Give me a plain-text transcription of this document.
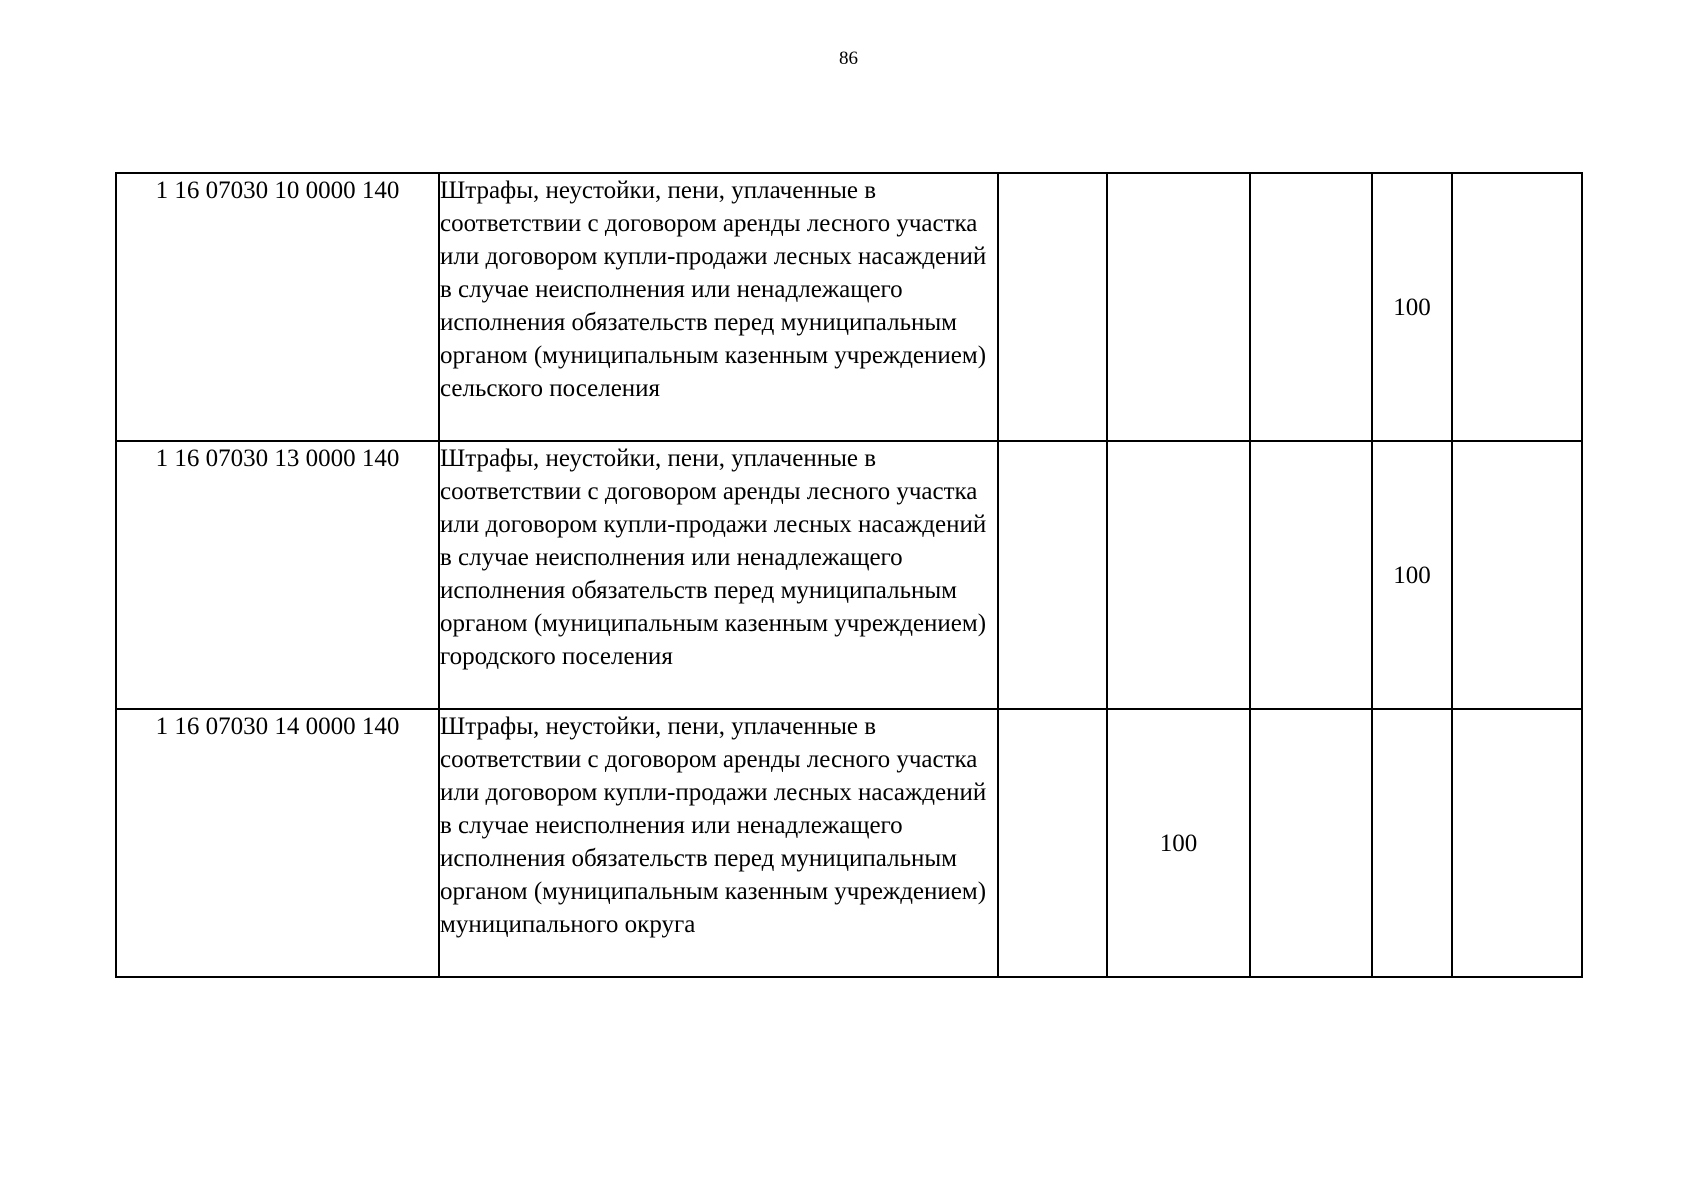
86
1 16 07030 10 0000 140	Штрафы, неустойки, пени, уплаченные в соответствии с договором аренды лесного участка или договором купли-продажи лесных насаждений в случае неисполнения или ненадлежащего исполнения обязательств перед муниципальным органом (муниципальным казенным учреждением) сельского поселения				100	
1 16 07030 13 0000 140	Штрафы, неустойки, пени, уплаченные в соответствии с договором аренды лесного участка или договором купли-продажи лесных насаждений в случае неисполнения или ненадлежащего исполнения обязательств перед муниципальным органом (муниципальным казенным учреждением) городского поселения				100	
1 16 07030 14 0000 140	Штрафы, неустойки, пени, уплаченные в соответствии с договором аренды лесного участка или договором купли-продажи лесных насаждений в случае неисполнения или ненадлежащего исполнения обязательств перед муниципальным органом (муниципальным казенным учреждением) муниципального округа		100			
